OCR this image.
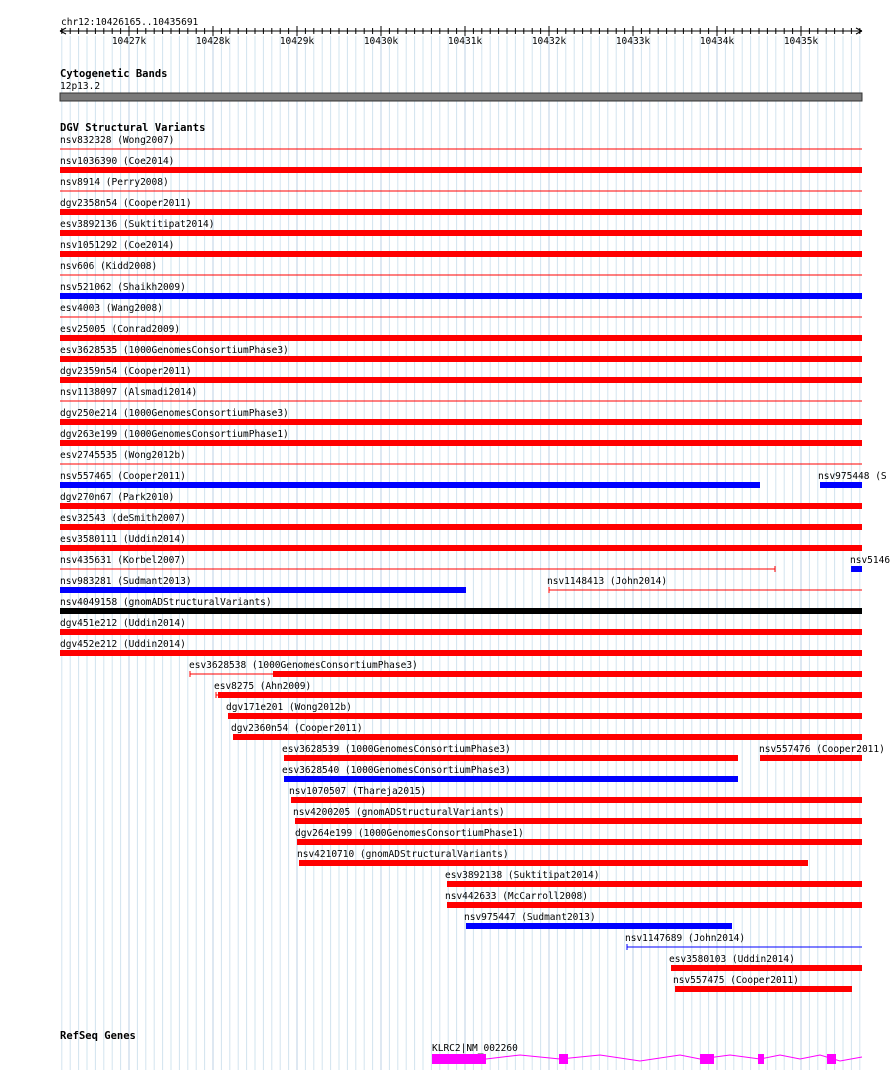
chr12:10426165..10435691
10427k	10428k	10429k	10430k	10431k	10432k	10433k	10434k	10435k
Cytogenetic Bands
12p13.2
DGV Structural Variants
nsv832328 (Wong2007)
nsv1036390 (Coe2014)
nsv8914 (Perry2008)
dgv2358n54 (Cooper2011)
esv3892136 (Suktitipat2014)
nsv1051292 (Coe2014)
nsv606 (Kidd2008)
nsv521062 (Shaikh2009)
esv4003 (Wang2008)
esv25005 (Conrad2009)
esv3628535 (1000GenomesConsortiumPhase3)
dgv2359n54 (Cooper2011)
nsv1138097 (Alsmadi2014)
dgv250e214 (1000GenomesConsortiumPhase3)
dgv263e199 (1000GenomesConsortiumPhase1)
esv2745535 (Wong2012b)
nsv557465 (Cooper2011)	nsv975448 (S
dgv270n67 (Park2010)
esv32543 (deSmith2007)
esv3580111 (Uddin2014)
nsv435631 (Korbel2007)	nsv5146
nsv983281 (Sudmant2013)	nsv1148413 (John2014)
nsv4049158 (gnomADStructuralVariants)
dgv451e212 (Uddin2014)
dgv452e212 (Uddin2014)
esv3628538 (1000GenomesConsortiumPhase3)
esv8275 (Ahn2009)
dgv171e201 (Wong2012b)
dgv2360n54 (Cooper2011)
esv3628539 (1000GenomesConsortiumPhase3)	nsv557476 (Cooper2011)
esv3628540 (1000GenomesConsortiumPhase3)
nsv1070507 (Thareja2015)
nsv4200205 (gnomADStructuralVariants)
dgv264e199 (1000GenomesConsortiumPhase1)
nsv4210710 (gnomADStructuralVariants)
esv3892138 (Suktitipat2014)
nsv442633 (McCarroll2008)
nsv975447 (Sudmant2013)
nsv1147689 (John2014)
esv3580103 (Uddin2014)
nsv557475 (Cooper2011)
RefSeq Genes
KLRC2|NM_002260
